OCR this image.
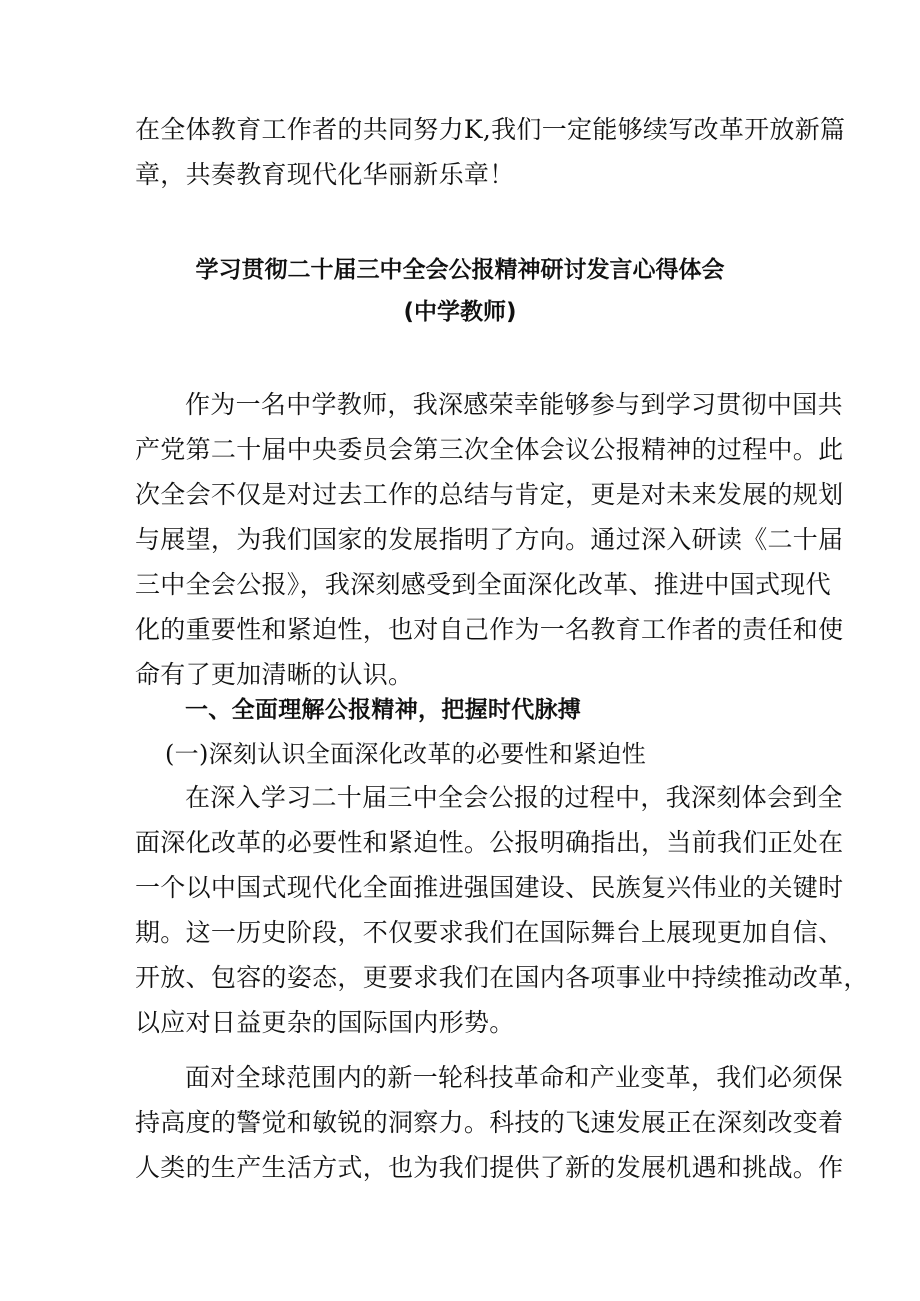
在全体教育工作者的共同努力K,我们一定能够续写改革开放新篇
章，共奏教育现代化华丽新乐章！
学习贯彻二十届三中全会公报精神研讨发言心得体会
(中学教师)
作为一名中学教师，我深感荣幸能够参与到学习贯彻中国共
产党第二十届中央委员会第三次全体会议公报精神的过程中。此
次全会不仅是对过去工作的总结与肯定，更是对未来发展的规划
与展望，为我们国家的发展指明了方向。通过深入研读《二十届
三中全会公报》，我深刻感受到全面深化改革、推进中国式现代
化的重要性和紧迫性，也对自己作为一名教育工作者的责任和使
命有了更加清晰的认识。
一、全面理解公报精神，把握时代脉搏
(一)深刻认识全面深化改革的必要性和紧迫性
在深入学习二十届三中全会公报的过程中，我深刻体会到全
面深化改革的必要性和紧迫性。公报明确指出，当前我们正处在
一个以中国式现代化全面推进强国建设、民族复兴伟业的关键时
期。这一历史阶段，不仅要求我们在国际舞台上展现更加自信、
开放、包容的姿态，更要求我们在国内各项事业中持续推动改革，
以应对日益更杂的国际国内形势。
面对全球范围内的新一轮科技革命和产业变革，我们必须保
持高度的警觉和敏锐的洞察力。科技的飞速发展正在深刻改变着
人类的生产生活方式，也为我们提供了新的发展机遇和挑战。作
